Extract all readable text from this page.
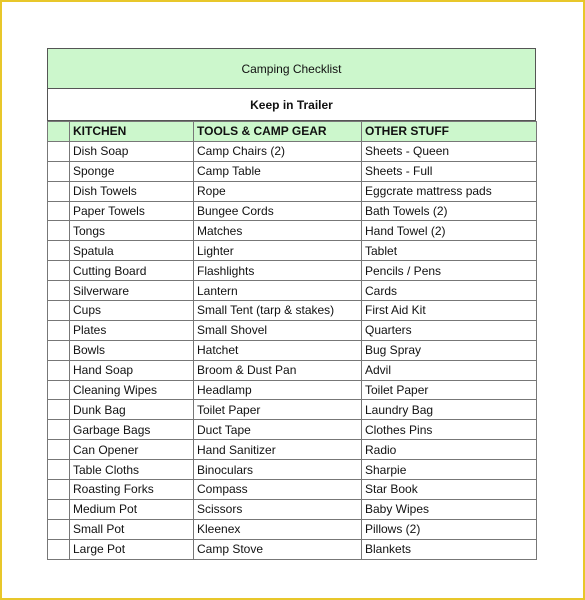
Camping Checklist
Keep in Trailer
	KITCHEN	TOOLS & CAMP GEAR	OTHER STUFF
	Dish Soap	Camp Chairs (2)	Sheets - Queen
	Sponge	Camp Table	Sheets - Full
	Dish Towels	Rope	Eggcrate mattress pads
	Paper Towels	Bungee Cords	Bath Towels (2)
	Tongs	Matches	Hand Towel (2)
	Spatula	Lighter	Tablet
	Cutting Board	Flashlights	Pencils / Pens
	Silverware	Lantern	Cards
	Cups	Small Tent (tarp & stakes)	First Aid Kit
	Plates	Small Shovel	Quarters
	Bowls	Hatchet	Bug Spray
	Hand Soap	Broom & Dust Pan	Advil
	Cleaning Wipes	Headlamp	Toilet Paper
	Dunk Bag	Toilet Paper	Laundry Bag
	Garbage Bags	Duct Tape	Clothes Pins
	Can Opener	Hand Sanitizer	Radio
	Table Cloths	Binoculars	Sharpie
	Roasting Forks	Compass	Star Book
	Medium Pot	Scissors	Baby Wipes
	Small Pot	Kleenex	Pillows (2)
	Large Pot	Camp Stove	Blankets
